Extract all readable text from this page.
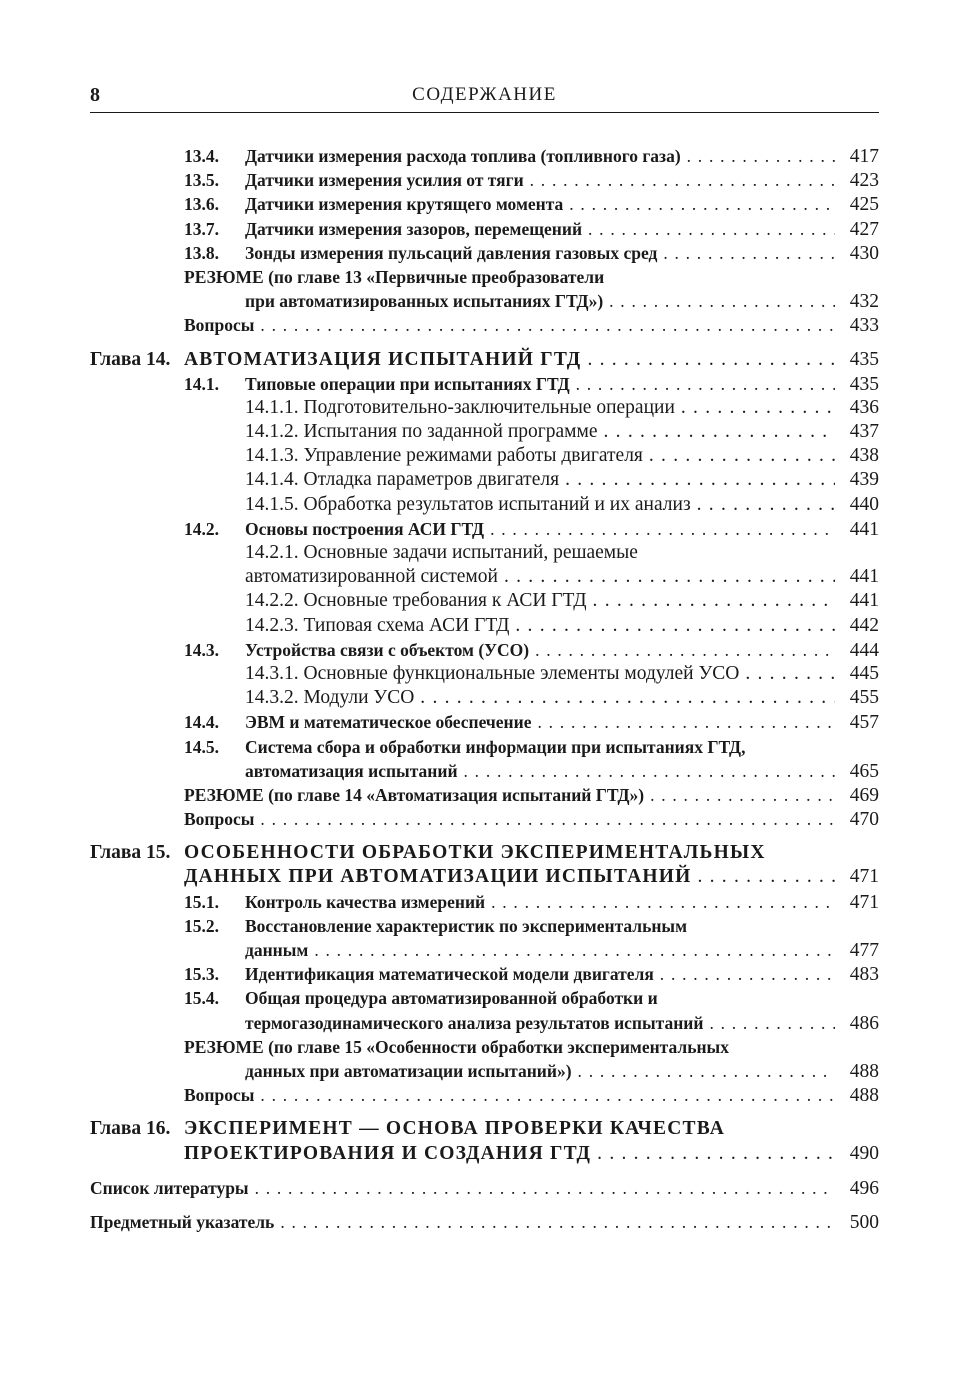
8	СОДЕРЖАНИЕ
13.4. Датчики измерения расхода топлива (топливного газа) . . .	417
13.5. Датчики измерения усилия от тяги . . .	423
13.6. Датчики измерения крутящего момента . . .	425
13.7. Датчики измерения зазоров, перемещений . . .	427
13.8. Зонды измерения пульсаций давления газовых сред . . .	430
РЕЗЮМЕ (по главе 13 «Первичные преобразователи
при автоматизированных испытаниях ГТД») . . .	432
Вопросы . . .	433
Глава 14. АВТОМАТИЗАЦИЯ ИСПЫТАНИЙ ГТД . . .	435
14.1. Типовые операции при испытаниях ГТД . . .	435
14.1.1. Подготовительно-заключительные операции . . .	436
14.1.2. Испытания по заданной программе . . .	437
14.1.3. Управление режимами работы двигателя . . .	438
14.1.4. Отладка параметров двигателя . . .	439
14.1.5. Обработка результатов испытаний и их анализ . . .	440
14.2. Основы построения АСИ ГТД . . .	441
14.2.1. Основные задачи испытаний, решаемые
автоматизированной системой . . .	441
14.2.2. Основные требования к АСИ ГТД . . .	441
14.2.3. Типовая схема АСИ ГТД . . .	442
14.3. Устройства связи с объектом (УСО) . . .	444
14.3.1. Основные функциональные элементы модулей УСО . . .	445
14.3.2. Модули УСО . . .	455
14.4. ЭВМ и математическое обеспечение . . .	457
14.5. Система сбора и обработки информации при испытаниях ГТД,
автоматизация испытаний . . .	465
РЕЗЮМЕ (по главе 14 «Автоматизация испытаний ГТД») . . .	469
Вопросы . . .	470
Глава 15. ОСОБЕННОСТИ ОБРАБОТКИ ЭКСПЕРИМЕНТАЛЬНЫХ
ДАННЫХ ПРИ АВТОМАТИЗАЦИИ ИСПЫТАНИЙ . . .	471
15.1. Контроль качества измерений . . .	471
15.2. Восстановление характеристик по экспериментальным
данным . . .	477
15.3. Идентификация математической модели двигателя . . .	483
15.4. Общая процедура автоматизированной обработки и
термогазодинамического анализа результатов испытаний . . .	486
РЕЗЮМЕ (по главе 15 «Особенности обработки экспериментальных
данных при автоматизации испытаний») . . .	488
Вопросы . . .	488
Глава 16. ЭКСПЕРИМЕНТ — ОСНОВА ПРОВЕРКИ КАЧЕСТВА
ПРОЕКТИРОВАНИЯ И СОЗДАНИЯ ГТД . . .	490
Список литературы . . .	496
Предметный указатель . . .	500
